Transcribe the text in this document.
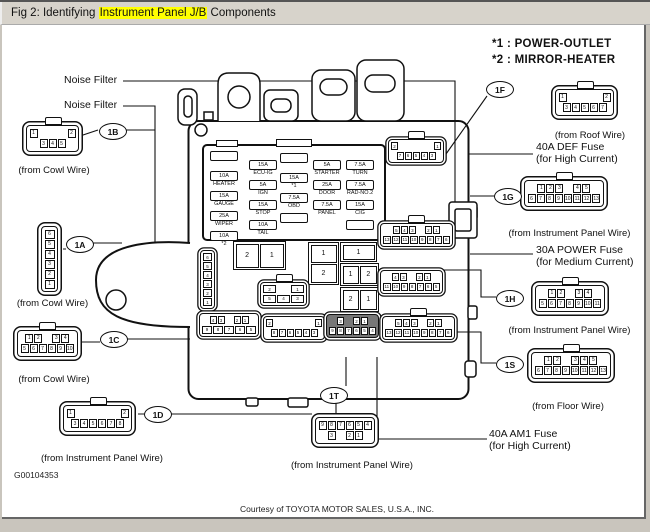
Fig 2: Identifying Instrument Panel J/B Components
*1 : POWER-OUTLET
*2 : MIRROR-HEATER
Noise Filter
Noise Filter
40A DEF Fuse
(for High Current)
30A POWER Fuse
(for Medium Current)
40A AM1 Fuse
(for High Current)
1B
1A
1C
1D
1F
1G
1H
1S
1T
1	2
3	4	5
(from Cowl Wire)
6
5
4
3
2
1
(from Cowl Wire)
1	2	3	4
5	6	7	8	9	10
(from Cowl Wire)
1	2
3	4	5	6	7	8
(from Instrument Panel Wire)
1	2
3	4	5	6	7
(from Roof Wire)
1	2	3	4	5
6	7	8	9	10 11 12 13
(from Instrument Panel Wire)
1	2	3	4
5	6	7	8	9	10 11
(from Instrument Panel Wire)
1	2	3	4	5
6	7	8	9	10 11 12 13
(from Floor Wire)
9	8	7	6	5	4
3	2	1
(from Instrument Panel Wire)
10A
HEATER
15A
GAUGE
25A
WIPER
10A
*2
15A
ECU-IG
5A
IGN
15A
STOP
10A
TAIL
15A
*1
7.5A
OBD
5A
STARTER
25A
DOOR
7.5A
PANEL
7.5A
TURN
7.5A
RAD-NO.2
15A
CIG
2	1	1
2
1
1	2
2	1
6
5
4
3
2
1
2	1
5	4	3
4	3	2	1
9	8	7	6	5
2	1
8	7	6	5	4	3
3	2	1
9	8	7	6	5	4
2	1
7	6	5	4	3
5	4	3	2	1
13 12 11 10	9	8	7	6
4	3	2	1
11 10	9	8	7	6	5
5	4	3	2	1
13 12 11 10	9	8	7	6
G00104353
Courtesy of TOYOTA MOTOR SALES, U.S.A., INC.
